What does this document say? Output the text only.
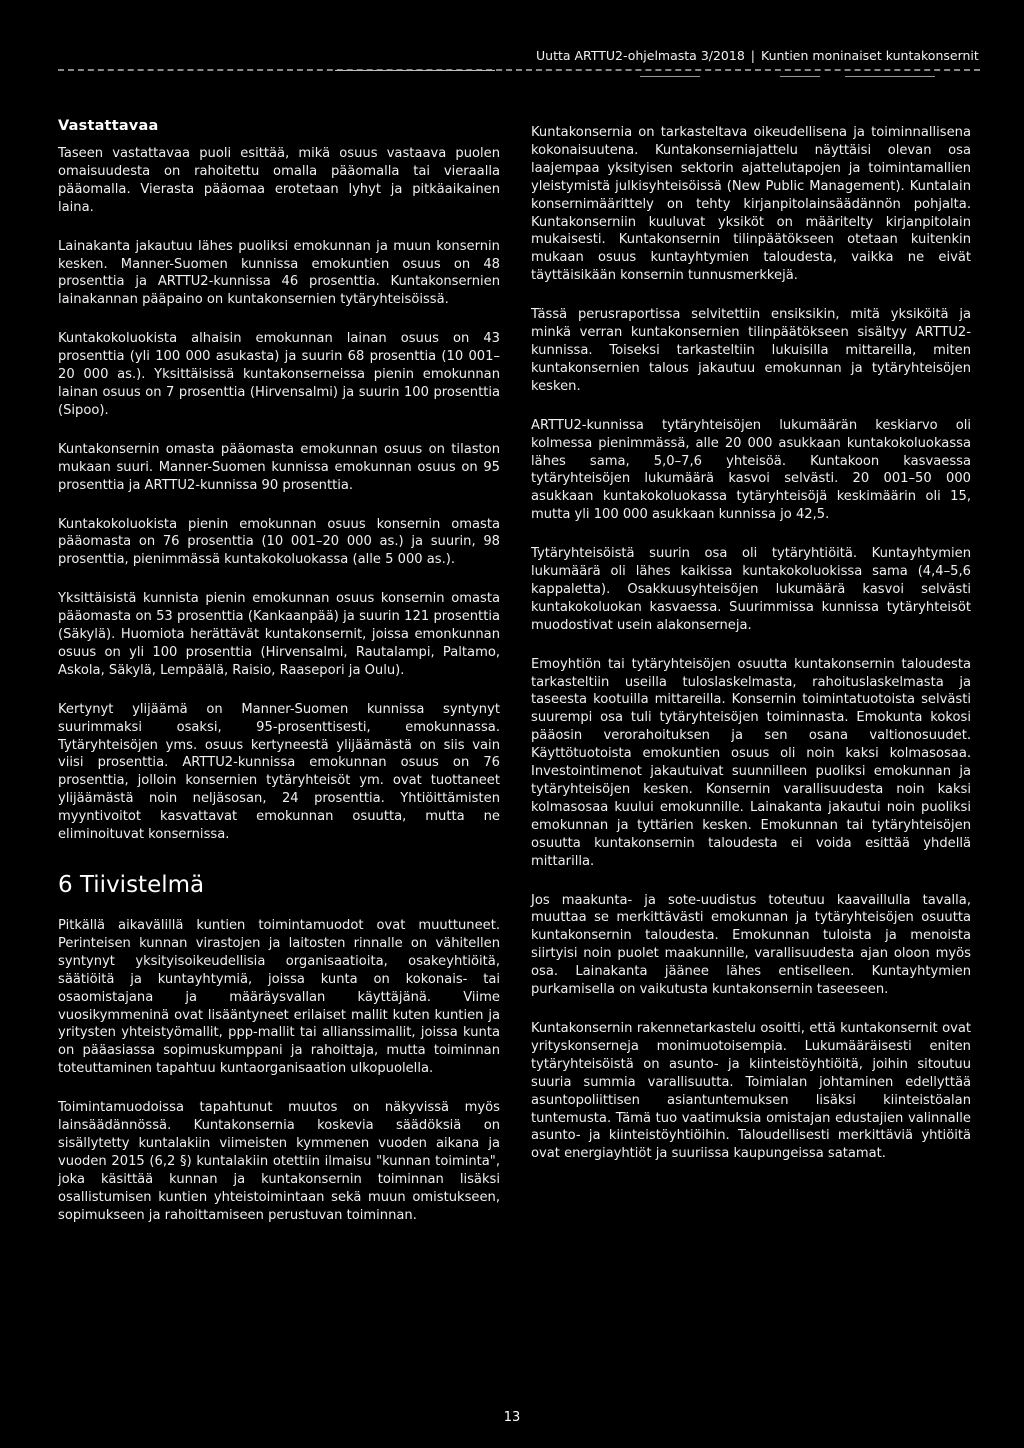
Uutta ARTTU2-ohjelmasta 3/2018 | Kuntien moninaiset kuntakonsernit
Vastattavaa

Taseen vastattavaa puoli esittää, mikä osuus vastaava puolen omaisuudesta on rahoitettu omalla pääomalla tai vieraalla pääomalla. Vierasta pääomaa erotetaan lyhyt ja pitkäaikainen laina.

Lainakanta jakautuu lähes puoliksi emokunnan ja muun konsernin kesken. Manner-Suomen kunnissa emokuntien osuus on 48 prosenttia ja ARTTU2-kunnissa 46 prosenttia. Kuntakonsernien lainakannan pääpaino on kuntakonsernien tytäryhteisöissä.

Kuntakokoluokista alhaisin emokunnan lainan osuus on 43 prosenttia (yli 100 000 asukasta) ja suurin 68 prosenttia (10 001–20 000 as.). Yksittäisissä kuntakonserneissa pienin emokunnan lainan osuus on 7 prosenttia (Hirvensalmi) ja suurin 100 prosenttia (Sipoo).

Kuntakonsernin omasta pääomasta emokunnan osuus on tilaston mukaan suuri. Manner-Suomen kunnissa emokunnan osuus on 95 prosenttia ja ARTTU2-kunnissa 90 prosenttia.

Kuntakokoluokista pienin emokunnan osuus konsernin omasta pääomasta on 76 prosenttia (10 001–20 000 as.) ja suurin, 98 prosenttia, pienimmässä kuntakokoluokassa (alle 5 000 as.).

Yksittäisistä kunnista pienin emokunnan osuus konsernin omasta pääomasta on 53 prosenttia (Kankaanpää) ja suurin 121 prosenttia (Säkylä). Huomiota herättävät kuntakonsernit, joissa emonkunnan osuus on yli 100 prosenttia (Hirvensalmi, Rautalampi, Paltamo, Askola, Säkylä, Lempäälä, Raisio, Raasepori ja Oulu).

Kertynyt ylijäämä on Manner-Suomen kunnissa syntynyt suurimmaksi osaksi, 95-prosenttisesti, emokunnassa. Tytäryhteisöjen yms. osuus kertyneestä ylijäämästä on siis vain viisi prosenttia. ARTTU2-kunnissa emokunnan osuus on 76 prosenttia, jolloin konsernien tytäryhteisöt ym. ovat tuottaneet ylijäämästä noin neljäsosan, 24 prosenttia. Yhtiöittämisten myyntivoitot kasvattavat emokunnan osuutta, mutta ne eliminoituvat konsernissa.

6 Tiivistelmä

Pitkällä aikavälillä kuntien toimintamuodot ovat muuttuneet. Perinteisen kunnan virastojen ja laitosten rinnalle on vähitellen syntynyt yksityisoikeudellisia organisaatioita, osakeyhtiöitä, säätiöitä ja kuntayhtymiä, joissa kunta on kokonais- tai osaomistajana ja määräysvallan käyttäjänä. Viime vuosikymmeninä ovat lisääntyneet erilaiset mallit kuten kuntien ja yritysten yhteistyömallit, ppp-mallit tai allianssimallit, joissa kunta on pääasiassa sopimuskumppani ja rahoittaja, mutta toiminnan toteuttaminen tapahtuu kuntaorganisaation ulkopuolella.

Toimintamuodoissa tapahtunut muutos on näkyvissä myös lainsäädännössä. Kuntakonsernia koskevia säädöksiä on sisällytetty kuntalakiin viimeisten kymmenen vuoden aikana ja vuoden 2015 (6,2 §) kuntalakiin otettiin ilmaisu "kunnan toiminta", joka käsittää kunnan ja kuntakonsernin toiminnan lisäksi osallistumisen kuntien yhteistoimintaan sekä muun omistukseen, sopimukseen ja rahoittamiseen perustuvan toiminnan.

Kuntakonsernia on tarkasteltava oikeudellisena ja toiminnallisena kokonaisuutena. Kuntakonserniajattelu näyttäisi olevan osa laajempaa yksityisen sektorin ajattelutapojen ja toimintamallien yleistymistä julkisyhteisöissä (New Public Management). Kuntalain konsernimäärittely on tehty kirjanpitolainsäädännön pohjalta. Kuntakonserniin kuuluvat yksiköt on määritelty kirjanpitolain mukaisesti. Kuntakonsernin tilinpäätökseen otetaan kuitenkin mukaan osuus kuntayhtymien taloudesta, vaikka ne eivät täyttäisikään konsernin tunnusmerkkejä.

Tässä perusraportissa selvitettiin ensiksikin, mitä yksiköitä ja minkä verran kuntakonsernien tilinpäätökseen sisältyy ARTTU2-kunnissa. Toiseksi tarkasteltiin lukuisilla mittareilla, miten kuntakonsernien talous jakautuu emokunnan ja tytäryhteisöjen kesken.

ARTTU2-kunnissa tytäryhteisöjen lukumäärän keskiarvo oli kolmessa pienimmässä, alle 20 000 asukkaan kuntakokoluokassa lähes sama, 5,0–7,6 yhteisöä. Kuntakoon kasvaessa tytäryhteisöjen lukumäärä kasvoi selvästi. 20 001–50 000 asukkaan kuntakokoluokassa tytäryhteisöjä keskimäärin oli 15, mutta yli 100 000 asukkaan kunnissa jo 42,5.

Tytäryhteisöistä suurin osa oli tytäryhtiöitä. Kuntayhtymien lukumäärä oli lähes kaikissa kuntakokoluokissa sama (4,4–5,6 kappaletta). Osakkuusyhteisöjen lukumäärä kasvoi selvästi kuntakokoluokan kasvaessa. Suurimmissa kunnissa tytäryhteisöt muodostivat usein alakonserneja.

Emoyhtiön tai tytäryhteisöjen osuutta kuntakonsernin taloudesta tarkasteltiin useilla tuloslaskelmasta, rahoituslaskelmasta ja taseesta kootuilla mittareilla. Konsernin toimintatuotoista selvästi suurempi osa tuli tytäryhteisöjen toiminnasta. Emokunta kokosi pääosin verorahoituksen ja sen osana valtionosuudet. Käyttötuotoista emokuntien osuus oli noin kaksi kolmasosaa. Investointimenot jakautuivat suunnilleen puoliksi emokunnan ja tytäryhteisöjen kesken. Konsernin varallisuudesta noin kaksi kolmasosaa kuului emokunnille. Lainakanta jakautui noin puoliksi emokunnan ja tyttärien kesken. Emokunnan tai tytäryhteisöjen osuutta kuntakonsernin taloudesta ei voida esittää yhdellä mittarilla.

Jos maakunta- ja sote-uudistus toteutuu kaavaillulla tavalla, muuttaa se merkittävästi emokunnan ja tytäryhteisöjen osuutta kuntakonsernin taloudesta. Emokunnan tuloista ja menoista siirtyisi noin puolet maakunnille, varallisuudesta ajan oloon myös osa. Lainakanta jäänee lähes entiselleen. Kuntayhtymien purkamisella on vaikutusta kuntakonsernin taseeseen.

Kuntakonsernin rakennetarkastelu osoitti, että kuntakonsernit ovat yrityskonserneja monimuotoisempia. Lukumääräisesti eniten tytäryhteisöistä on asunto- ja kiinteistöyhtiöitä, joihin sitoutuu suuria summia varallisuutta. Toimialan johtaminen edellyttää asuntopoliittisen asiantuntemuksen lisäksi kiinteistöalan tuntemusta. Tämä tuo vaatimuksia omistajan edustajien valinnalle asunto- ja kiinteistöyhtiöihin. Taloudellisesti merkittäviä yhtiöitä ovat energiayhtiöt ja suuriissa kaupungeissa satamat.

13
